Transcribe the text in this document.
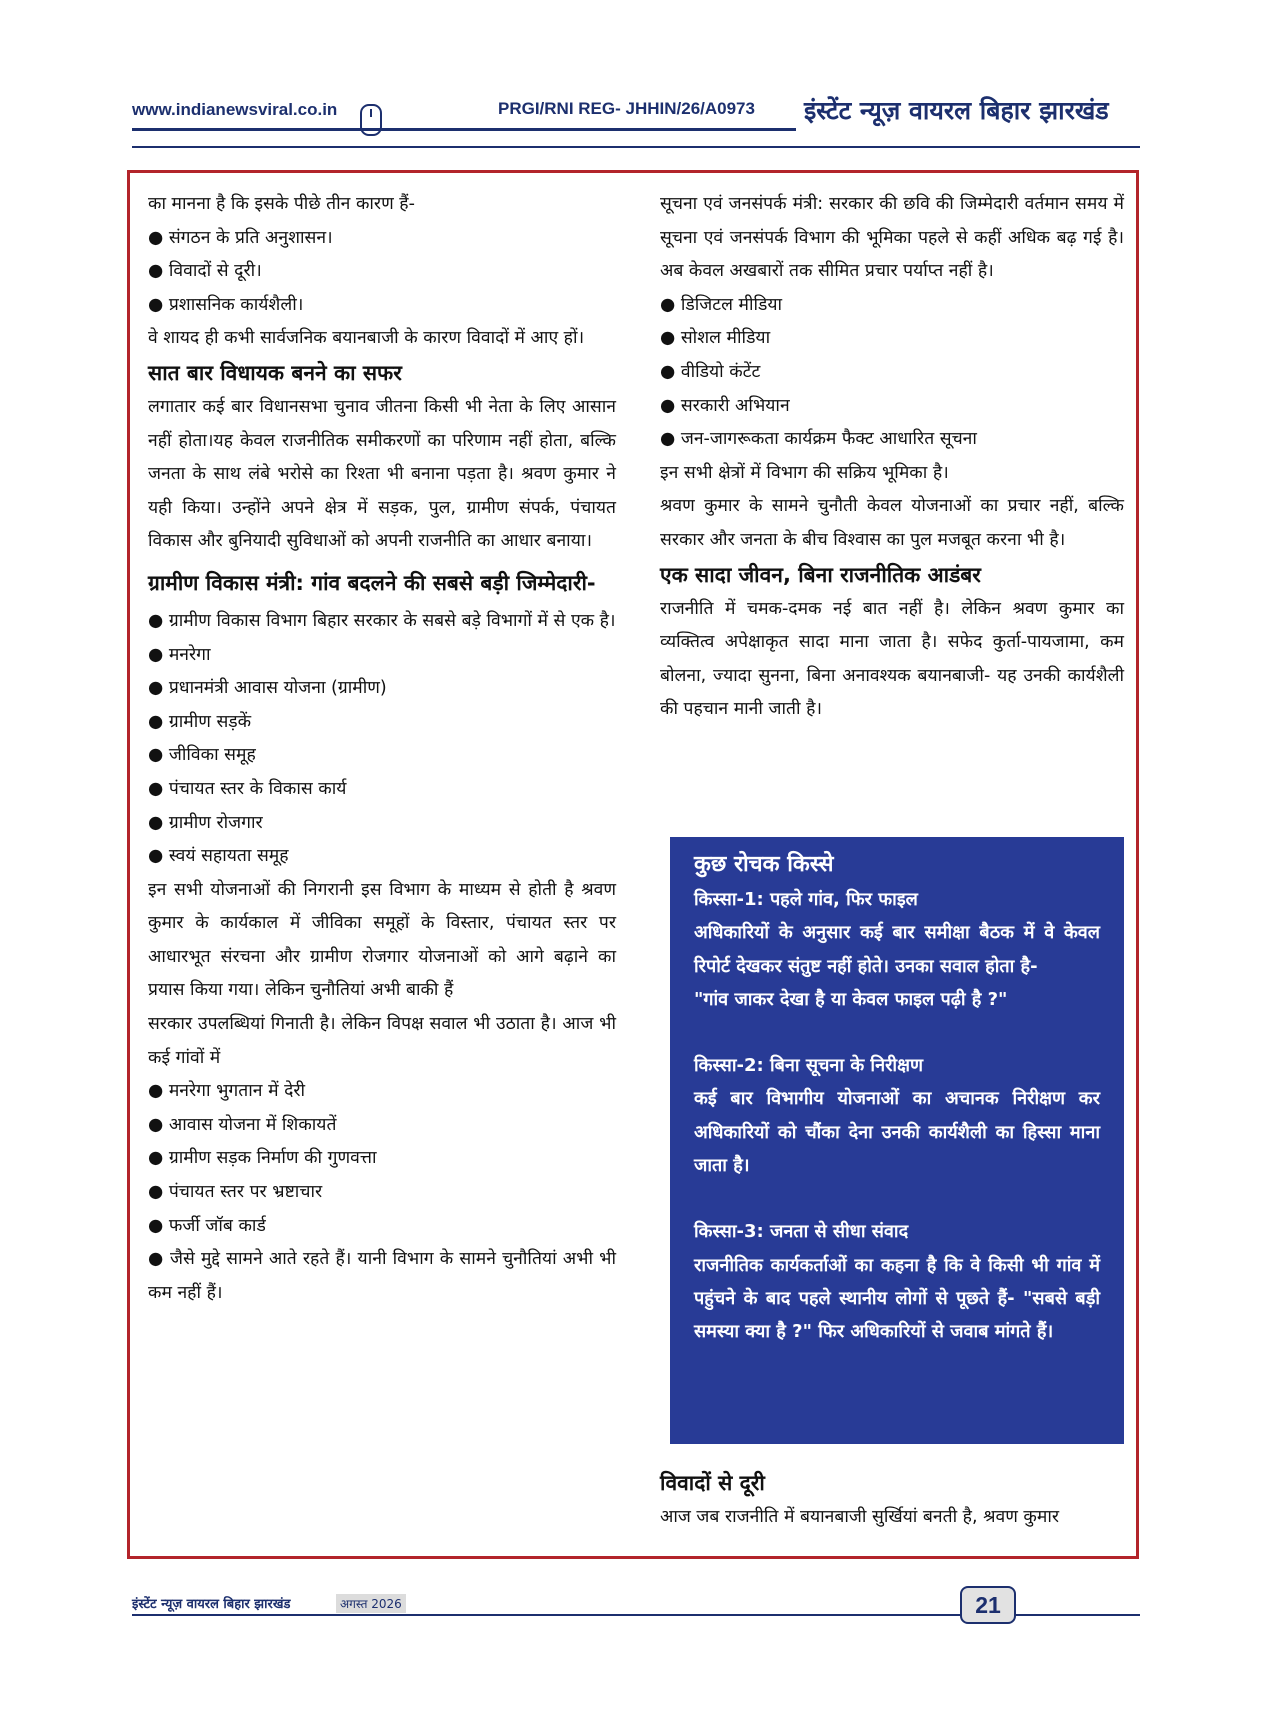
www.indianewsviral.co.in	PRGI/RNI REG- JHHIN/26/A0973 इंस्टेंट न्यूज़ वायरल बिहार झारखंड

का मानना है कि इसके पीछे तीन कारण हैं-

● संगठन के प्रति अनुशासन।
● विवादों से दूरी।
● प्रशासनिक कार्यशैली।

वे शायद ही कभी सार्वजनिक बयानबाजी के कारण विवादों में आए हों।

सात बार विधायक बनने का सफर

लगातार कई बार विधानसभा चुनाव जीतना किसी भी नेता के लिए आसान नहीं होता।यह केवल राजनीतिक समीकरणों का परिणाम नहीं होता, बल्कि जनता के साथ लंबे भरोसे का रिश्ता भी बनाना पड़ता है। श्रवण कुमार ने यही किया। उन्होंने अपने क्षेत्र में सड़क, पुल, ग्रामीण संपर्क, पंचायत विकास और बुनियादी सुविधाओं को अपनी राजनीति का आधार बनाया।

ग्रामीण विकास मंत्री: गांव बदलने की सबसे बड़ी जिम्मेदारी-
● ग्रामीण विकास विभाग बिहार सरकार के सबसे बड़े विभागों में से एक है।
● मनरेगा
● प्रधानमंत्री आवास योजना (ग्रामीण)
● ग्रामीण सड़कें
● जीविका समूह
● पंचायत स्तर के विकास कार्य
● ग्रामीण रोजगार
● स्वयं सहायता समूह

इन सभी योजनाओं की निगरानी इस विभाग के माध्यम से होती है श्रवण कुमार के कार्यकाल में जीविका समूहों के विस्तार, पंचायत स्तर पर आधारभूत संरचना और ग्रामीण रोजगार योजनाओं को आगे बढ़ाने का प्रयास किया गया। लेकिन चुनौतियां अभी बाकी हैं

सरकार उपलब्धियां गिनाती है। लेकिन विपक्ष सवाल भी उठाता है। आज भी कई गांवों में

● मनरेगा भुगतान में देरी
● आवास योजना में शिकायतें
● ग्रामीण सड़क निर्माण की गुणवत्ता
● पंचायत स्तर पर भ्रष्टाचार
● फर्जी जॉब कार्ड
● जैसे मुद्दे सामने आते रहते हैं। यानी विभाग के सामने चुनौतियां अभी भी कम नहीं हैं।

सूचना एवं जनसंपर्क मंत्री: सरकार की छवि की जिम्मेदारी वर्तमान समय में सूचना एवं जनसंपर्क विभाग की भूमिका पहले से कहीं अधिक बढ़ गई है। अब केवल अखबारों तक सीमित प्रचार पर्याप्त नहीं है।

● डिजिटल मीडिया
● सोशल मीडिया
● वीडियो कंटेंट
● सरकारी अभियान
● जन-जागरूकता कार्यक्रम फैक्ट आधारित सूचना

इन सभी क्षेत्रों में विभाग की सक्रिय भूमिका है।

श्रवण कुमार के सामने चुनौती केवल योजनाओं का प्रचार नहीं, बल्कि सरकार और जनता के बीच विश्वास का पुल मजबूत करना भी है।

एक सादा जीवन, बिना राजनीतिक आडंबर

राजनीति में चमक-दमक नई बात नहीं है। लेकिन श्रवण कुमार का व्यक्तित्व अपेक्षाकृत सादा माना जाता है। सफेद कुर्ता-पायजामा, कम बोलना, ज्यादा सुनना, बिना अनावश्यक बयानबाजी- यह उनकी कार्यशैली की पहचान मानी जाती है।

कुछ रोचक किस्से

किस्सा-1: पहले गांव, फिर फाइल

अधिकारियों के अनुसार कई बार समीक्षा बैठक में वे केवल रिपोर्ट देखकर संतुष्ट नहीं होते। उनका सवाल होता है-

"गांव जाकर देखा है या केवल फाइल पढ़ी है ?"

किस्सा-2: बिना सूचना के निरीक्षण

कई बार विभागीय योजनाओं का अचानक निरीक्षण कर अधिकारियों को चौंका देना उनकी कार्यशैली का हिस्सा माना जाता है।

किस्सा-3: जनता से सीधा संवाद

राजनीतिक कार्यकर्ताओं का कहना है कि वे किसी भी गांव में पहुंचने के बाद पहले स्थानीय लोगों से पूछते हैं- "सबसे बड़ी समस्या क्या है ?" फिर अधिकारियों से जवाब मांगते हैं।

विवादों से दूरी

आज जब राजनीति में बयानबाजी सुर्खियां बनती है, श्रवण कुमार

इंस्टेंट न्यूज़ वायरल बिहार झारखंड	अगस्त 2026	21
